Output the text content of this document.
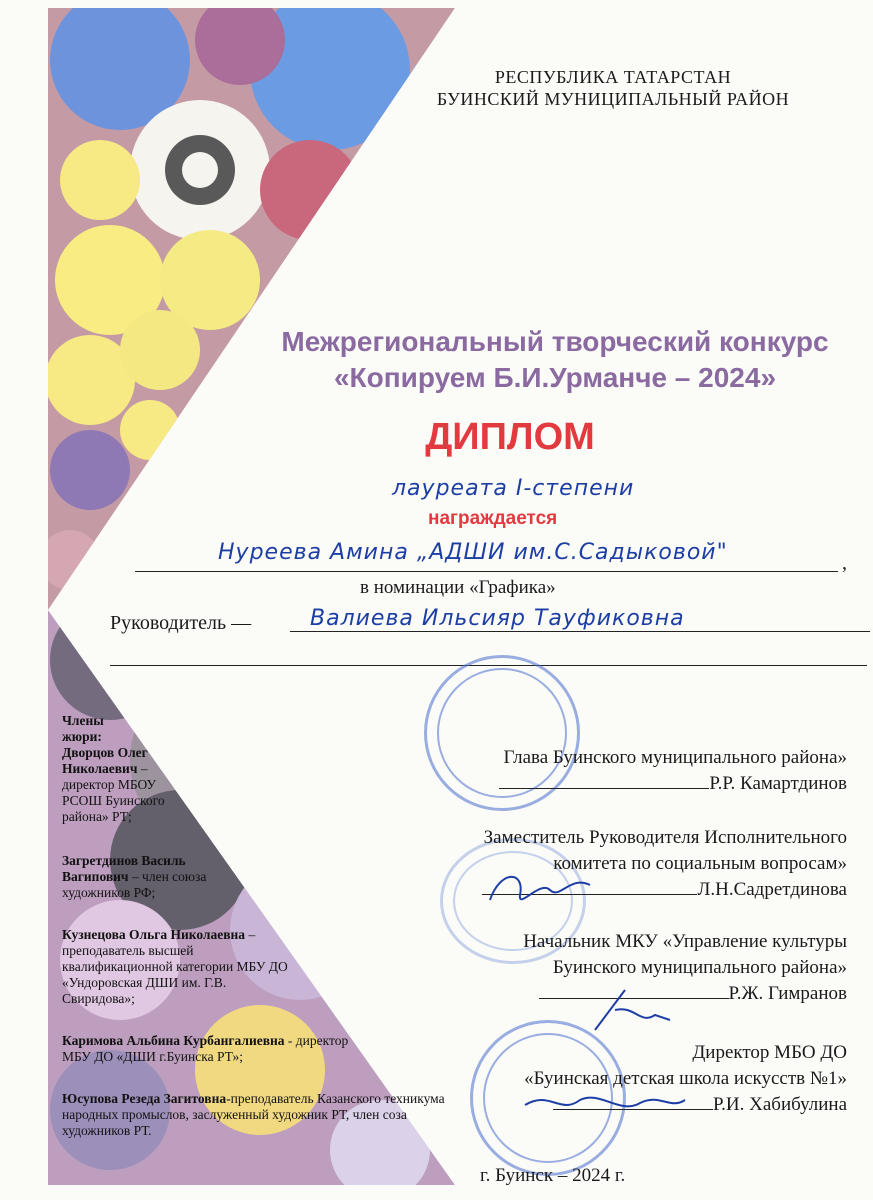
РЕСПУБЛИКА ТАТАРСТАН
БУИНСКИЙ МУНИЦИПАЛЬНЫЙ РАЙОН
Межрегиональный творческий конкурс
«Копируем Б.И.Урманче – 2024»
ДИПЛОМ
лауреата I-степени
награждается
Нуреева Амина „АДШИ им.С.Садыковой"	,
в номинации «Графика»
Руководитель —	Валиева Ильсияр Тауфиковна
Члены
жюри:
Дворцов Олег Николаевич – директор МБОУ РСОШ Буинского района» РТ;
Загретдинов Василь Вагипович – член союза художников РФ;
Кузнецова Ольга Николаевна – преподаватель высшей квалификационной категории МБУ ДО «Ундоровская ДШИ им. Г.В. Свиридова»;
Каримова Альбина Курбангалиевна - директор МБУ ДО «ДШИ г.Буинска РТ»;
Юсупова Резеда Загитовна-преподаватель Казанского техникума народных промыслов, заслуженный художник РТ, член соза художников РТ.
Глава Буинского муниципального района»
Р.Р. Камартдинов
Заместитель Руководителя Исполнительного
комитета по социальным вопросам»
Л.Н.Садретдинова
Начальник МКУ «Управление культуры
Буинского муниципального района»
Р.Ж. Гимранов
Директор МБО ДО
«Буинская детская школа искусств №1»
Р.И. Хабибулина
г. Буинск – 2024 г.
